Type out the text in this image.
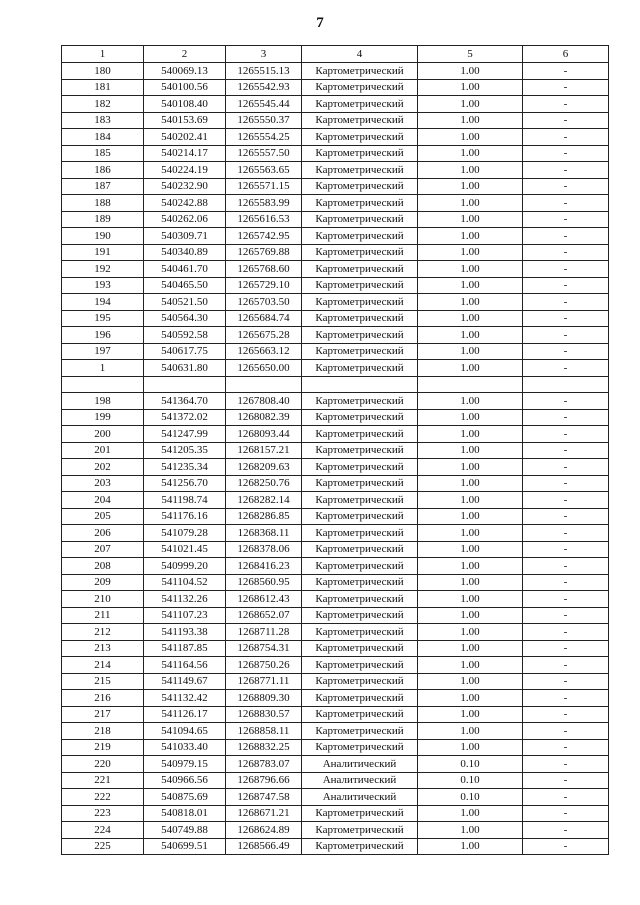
7
1	2	3	4	5	6
180	540069.13	1265515.13	Картометрический	1.00	-
181	540100.56	1265542.93	Картометрический	1.00	-
182	540108.40	1265545.44	Картометрический	1.00	-
183	540153.69	1265550.37	Картометрический	1.00	-
184	540202.41	1265554.25	Картометрический	1.00	-
185	540214.17	1265557.50	Картометрический	1.00	-
186	540224.19	1265563.65	Картометрический	1.00	-
187	540232.90	1265571.15	Картометрический	1.00	-
188	540242.88	1265583.99	Картометрический	1.00	-
189	540262.06	1265616.53	Картометрический	1.00	-
190	540309.71	1265742.95	Картометрический	1.00	-
191	540340.89	1265769.88	Картометрический	1.00	-
192	540461.70	1265768.60	Картометрический	1.00	-
193	540465.50	1265729.10	Картометрический	1.00	-
194	540521.50	1265703.50	Картометрический	1.00	-
195	540564.30	1265684.74	Картометрический	1.00	-
196	540592.58	1265675.28	Картометрический	1.00	-
197	540617.75	1265663.12	Картометрический	1.00	-
1	540631.80	1265650.00	Картометрический	1.00	-

198	541364.70	1267808.40	Картометрический	1.00	-
199	541372.02	1268082.39	Картометрический	1.00	-
200	541247.99	1268093.44	Картометрический	1.00	-
201	541205.35	1268157.21	Картометрический	1.00	-
202	541235.34	1268209.63	Картометрический	1.00	-
203	541256.70	1268250.76	Картометрический	1.00	-
204	541198.74	1268282.14	Картометрический	1.00	-
205	541176.16	1268286.85	Картометрический	1.00	-
206	541079.28	1268368.11	Картометрический	1.00	-
207	541021.45	1268378.06	Картометрический	1.00	-
208	540999.20	1268416.23	Картометрический	1.00	-
209	541104.52	1268560.95	Картометрический	1.00	-
210	541132.26	1268612.43	Картометрический	1.00	-
211	541107.23	1268652.07	Картометрический	1.00	-
212	541193.38	1268711.28	Картометрический	1.00	-
213	541187.85	1268754.31	Картометрический	1.00	-
214	541164.56	1268750.26	Картометрический	1.00	-
215	541149.67	1268771.11	Картометрический	1.00	-
216	541132.42	1268809.30	Картометрический	1.00	-
217	541126.17	1268830.57	Картометрический	1.00	-
218	541094.65	1268858.11	Картометрический	1.00	-
219	541033.40	1268832.25	Картометрический	1.00	-
220	540979.15	1268783.07	Аналитический	0.10	-
221	540966.56	1268796.66	Аналитический	0.10	-
222	540875.69	1268747.58	Аналитический	0.10	-
223	540818.01	1268671.21	Картометрический	1.00	-
224	540749.88	1268624.89	Картометрический	1.00	-
225	540699.51	1268566.49	Картометрический	1.00	-
